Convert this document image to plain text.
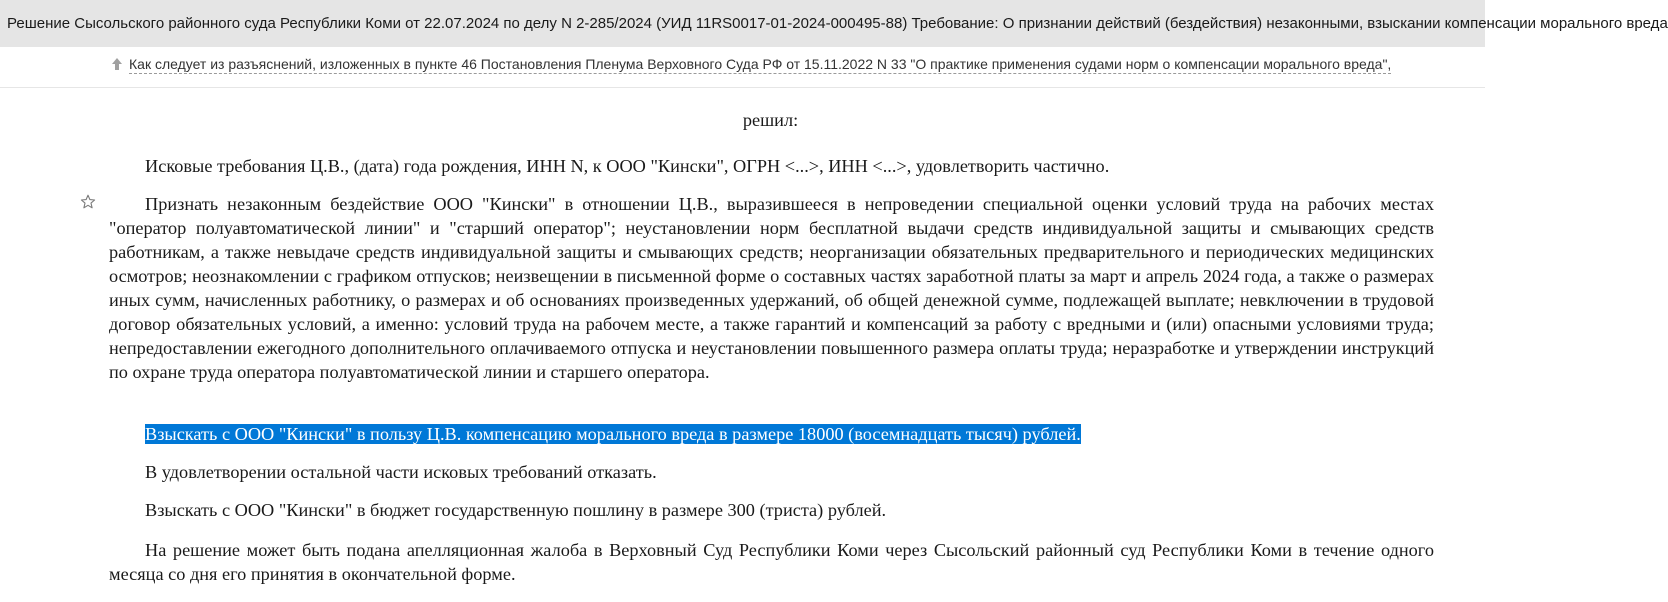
Решение Сысольского районного суда Республики Коми от 22.07.2024 по делу N 2-285/2024 (УИД 11RS0017-01-2024-000495-88) Требование: О признании действий (бездействия) незаконными, взыскании компенсации морального вреда
Как следует из разъяснений, изложенных в пункте 46 Постановления Пленума Верховного Суда РФ от 15.11.2022 N 33 "О практике применения судами норм о компенсации морального вреда",
решил:

Исковые требования Ц.В., (дата) года рождения, ИНН N, к ООО "Кински", ОГРН <...>, ИНН <...>, удовлетворить частично.

Признать незаконным бездействие ООО "Кински" в отношении Ц.В., выразившееся в непроведении специальной оценки условий труда на рабочих местах "оператор полуавтоматической линии" и "старший оператор"; неустановлении норм бесплатной выдачи средств индивидуальной защиты и смывающих средств работникам, а также невыдаче средств индивидуальной защиты и смывающих средств; неорганизации обязательных предварительного и периодических медицинских осмотров; неознакомлении с графиком отпусков; неизвещении в письменной форме о составных частях заработной платы за март и апрель 2024 года, а также о размерах иных сумм, начисленных работнику, о размерах и об основаниях произведенных удержаний, об общей денежной сумме, подлежащей выплате; невключении в трудовой договор обязательных условий, а именно: условий труда на рабочем месте, а также гарантий и компенсаций за работу с вредными и (или) опасными условиями труда; непредоставлении ежегодного дополнительного оплачиваемого отпуска и неустановлении повышенного размера оплаты труда; неразработке и утверждении инструкций по охране труда оператора полуавтоматической линии и старшего оператора.

Взыскать с ООО "Кински" в пользу Ц.В. компенсацию морального вреда в размере 18000 (восемнадцать тысяч) рублей.

В удовлетворении остальной части исковых требований отказать.

Взыскать с ООО "Кински" в бюджет государственную пошлину в размере 300 (триста) рублей.

На решение может быть подана апелляционная жалоба в Верховный Суд Республики Коми через Сысольский районный суд Республики Коми в течение одного месяца со дня его принятия в окончательной форме.
